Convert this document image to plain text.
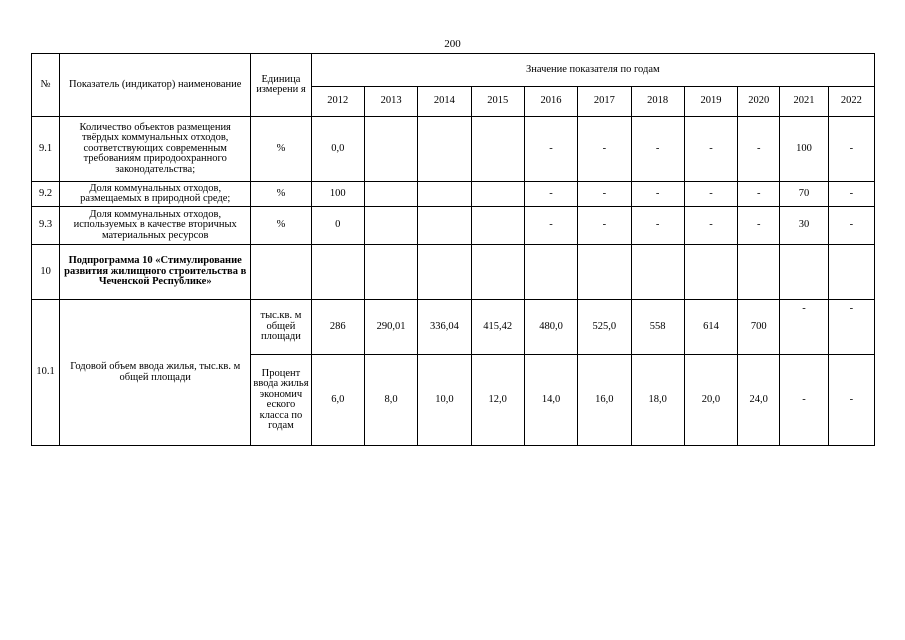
200
№	Показатель (индикатор) наименование	Единица измерени я	Значение показателя по годам										
			2012	2013	2014	2015	2016	2017	2018	2019	2020	2021	2022
9.1	Количество объектов размещения твёрдых коммунальных отходов, соответствующих современным требованиям природоохранного законодательства;	%	0,0				-	-	-	-	-	100	-
9.2	Доля коммунальных отходов, размещаемых в природной среде;	%	100				-	-	-	-	-	70	-
9.3	Доля коммунальных отходов, используемых в качестве вторичных материальных ресурсов	%	0				-	-	-	-	-	30	-
10	Подпрограмма 10 «Стимулирование развития жилищного строительства в Чеченской Республике»												
10.1	Годовой объем ввода жилья, тыс.кв. м общей площади	тыс.кв. м общей площади	286	290,01	336,04	415,42	480,0	525,0	558	614	700	-	-
		Процент ввода жилья экономич еского класса по годам	6,0	8,0	10,0	12,0	14,0	16,0	18,0	20,0	24,0	-	-
